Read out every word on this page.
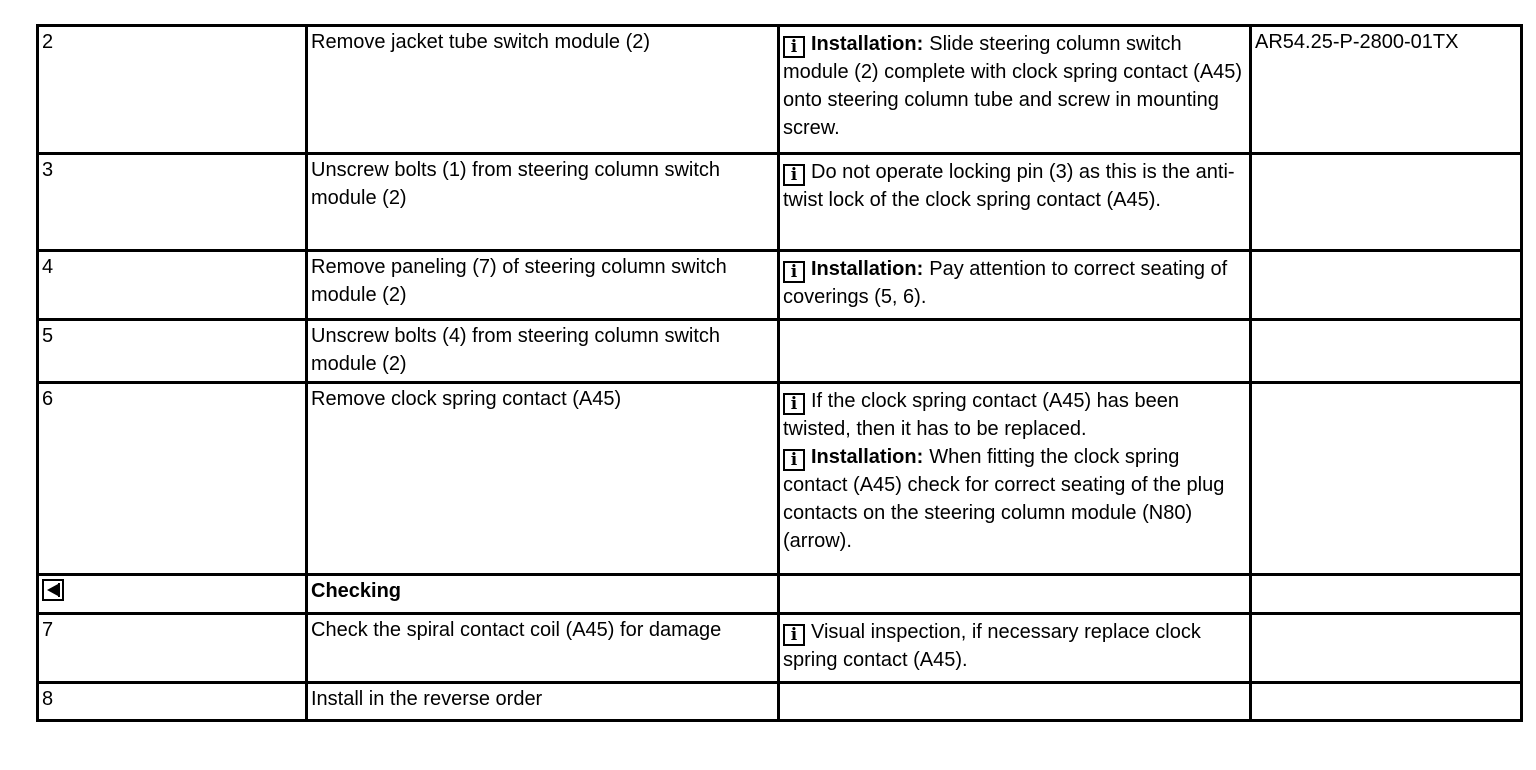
2	Remove jacket tube switch module (2)	i Installation: Slide steering column switch module (2) complete with clock spring contact (A45) onto steering column tube and screw in mounting screw.	AR54.25-P-2800-01TX
3	Unscrew bolts (1) from steering column switch module (2)	i Do not operate locking pin (3) as this is the anti-twist lock of the clock spring contact (A45).	

4	Remove paneling (7) of steering column switch module (2)	i Installation: Pay attention to correct seating of coverings (5, 6).	

5	Unscrew bolts (4) from steering column switch module (2)		
6	Remove clock spring contact (A45)	i If the clock spring contact (A45) has been twisted, then it has to be replaced.
i Installation: When fitting the clock spring contact (A45) check for correct seating of the plug contacts on the steering column module (N80) (arrow).	

	Checking		
7	Check the spiral contact coil (A45) for damage	i Visual inspection, if necessary replace clock spring contact (A45).	

8	Install in the reverse order		
